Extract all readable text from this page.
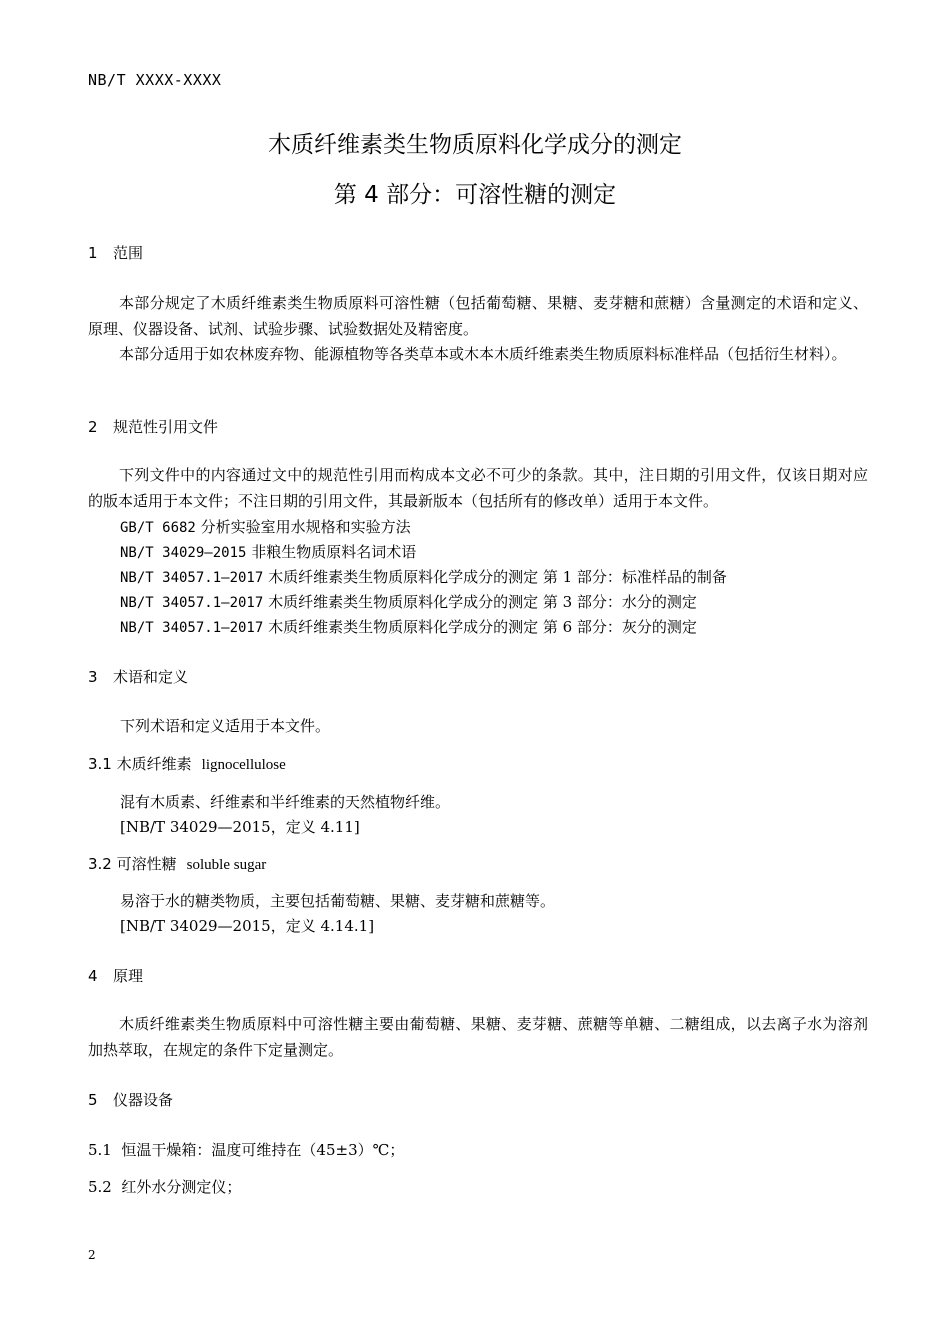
NB/T XXXX-XXXX
木质纤维素类生物质原料化学成分的测定
第 4 部分：可溶性糖的测定
1 范围
本部分规定了木质纤维素类生物质原料可溶性糖（包括葡萄糖、果糖、麦芽糖和蔗糖）含量测定的术语和定义、原理、仪器设备、试剂、试验步骤、试验数据处及精密度。
本部分适用于如农林废弃物、能源植物等各类草本或木本木质纤维素类生物质原料标准样品（包括衍生材料）。
2 规范性引用文件
下列文件中的内容通过文中的规范性引用而构成本文必不可少的条款。其中，注日期的引用文件，仅该日期对应的版本适用于本文件；不注日期的引用文件，其最新版本（包括所有的修改单）适用于本文件。
GB/T 6682 分析实验室用水规格和实验方法
NB/T 34029—2015 非粮生物质原料名词术语
NB/T 34057.1—2017 木质纤维素类生物质原料化学成分的测定 第 1 部分：标准样品的制备
NB/T 34057.1—2017 木质纤维素类生物质原料化学成分的测定 第 3 部分：水分的测定
NB/T 34057.1—2017 木质纤维素类生物质原料化学成分的测定 第 6 部分：灰分的测定
3 术语和定义
下列术语和定义适用于本文件。
3.1 木质纤维素 lignocellulose
混有木质素、纤维素和半纤维素的天然植物纤维。
[NB/T 34029—2015，定义 4.11]
3.2 可溶性糖 soluble sugar
易溶于水的糖类物质，主要包括葡萄糖、果糖、麦芽糖和蔗糖等。
[NB/T 34029—2015，定义 4.14.1]
4 原理
木质纤维素类生物质原料中可溶性糖主要由葡萄糖、果糖、麦芽糖、蔗糖等单糖、二糖组成，以去离子水为溶剂加热萃取，在规定的条件下定量测定。
5 仪器设备
5.1 恒温干燥箱：温度可维持在（45±3）℃；
5.2 红外水分测定仪；
2
